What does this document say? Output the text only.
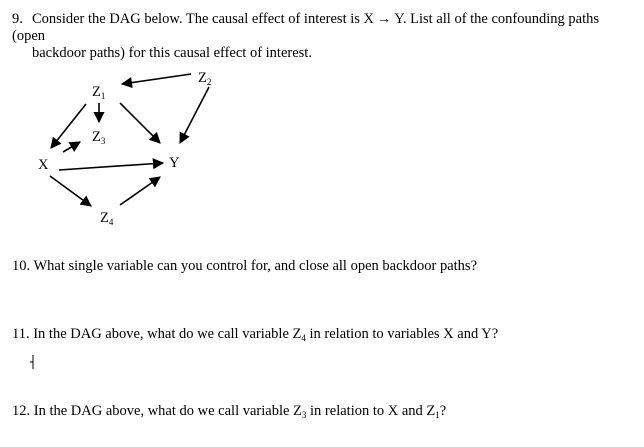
9. Consider the DAG below. The causal effect of interest is X → Y. List all of the confounding paths (open
backdoor paths) for this causal effect of interest.
$Z_1$
$Z_2$
$Z_3$
X	Y
$Z_4$
10. What single variable can you control for, and close all open backdoor paths?
11. In the DAG above, what do we call variable $Z_4$ in relation to variables X and Y?
12. In the DAG above, what do we call variable $Z_3$ in relation to X and $Z_1$?
